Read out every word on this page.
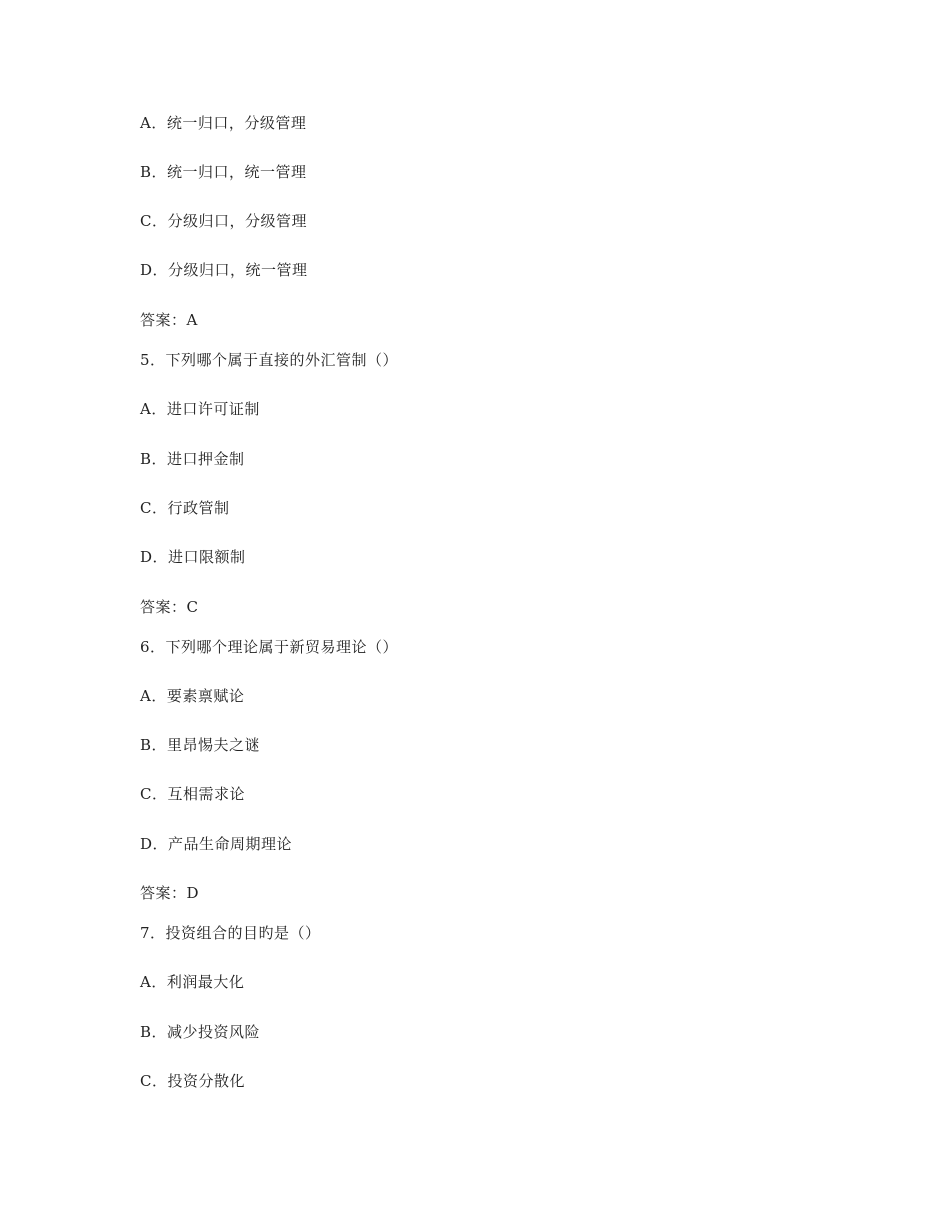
A．统一归口，分级管理
B．统一归口，统一管理
C．分级归口，分级管理
D．分级归口，统一管理
答案：A
5．下列哪个属于直接的外汇管制（）
A．进口许可证制
B．进口押金制
C．行政管制
D．进口限额制
答案：C
6．下列哪个理论属于新贸易理论（）
A．要素禀赋论
B．里昂惕夫之谜
C．互相需求论
D．产品生命周期理论
答案：D
7．投资组合的目旳是（）
A．利润最大化
B．减少投资风险
C．投资分散化
